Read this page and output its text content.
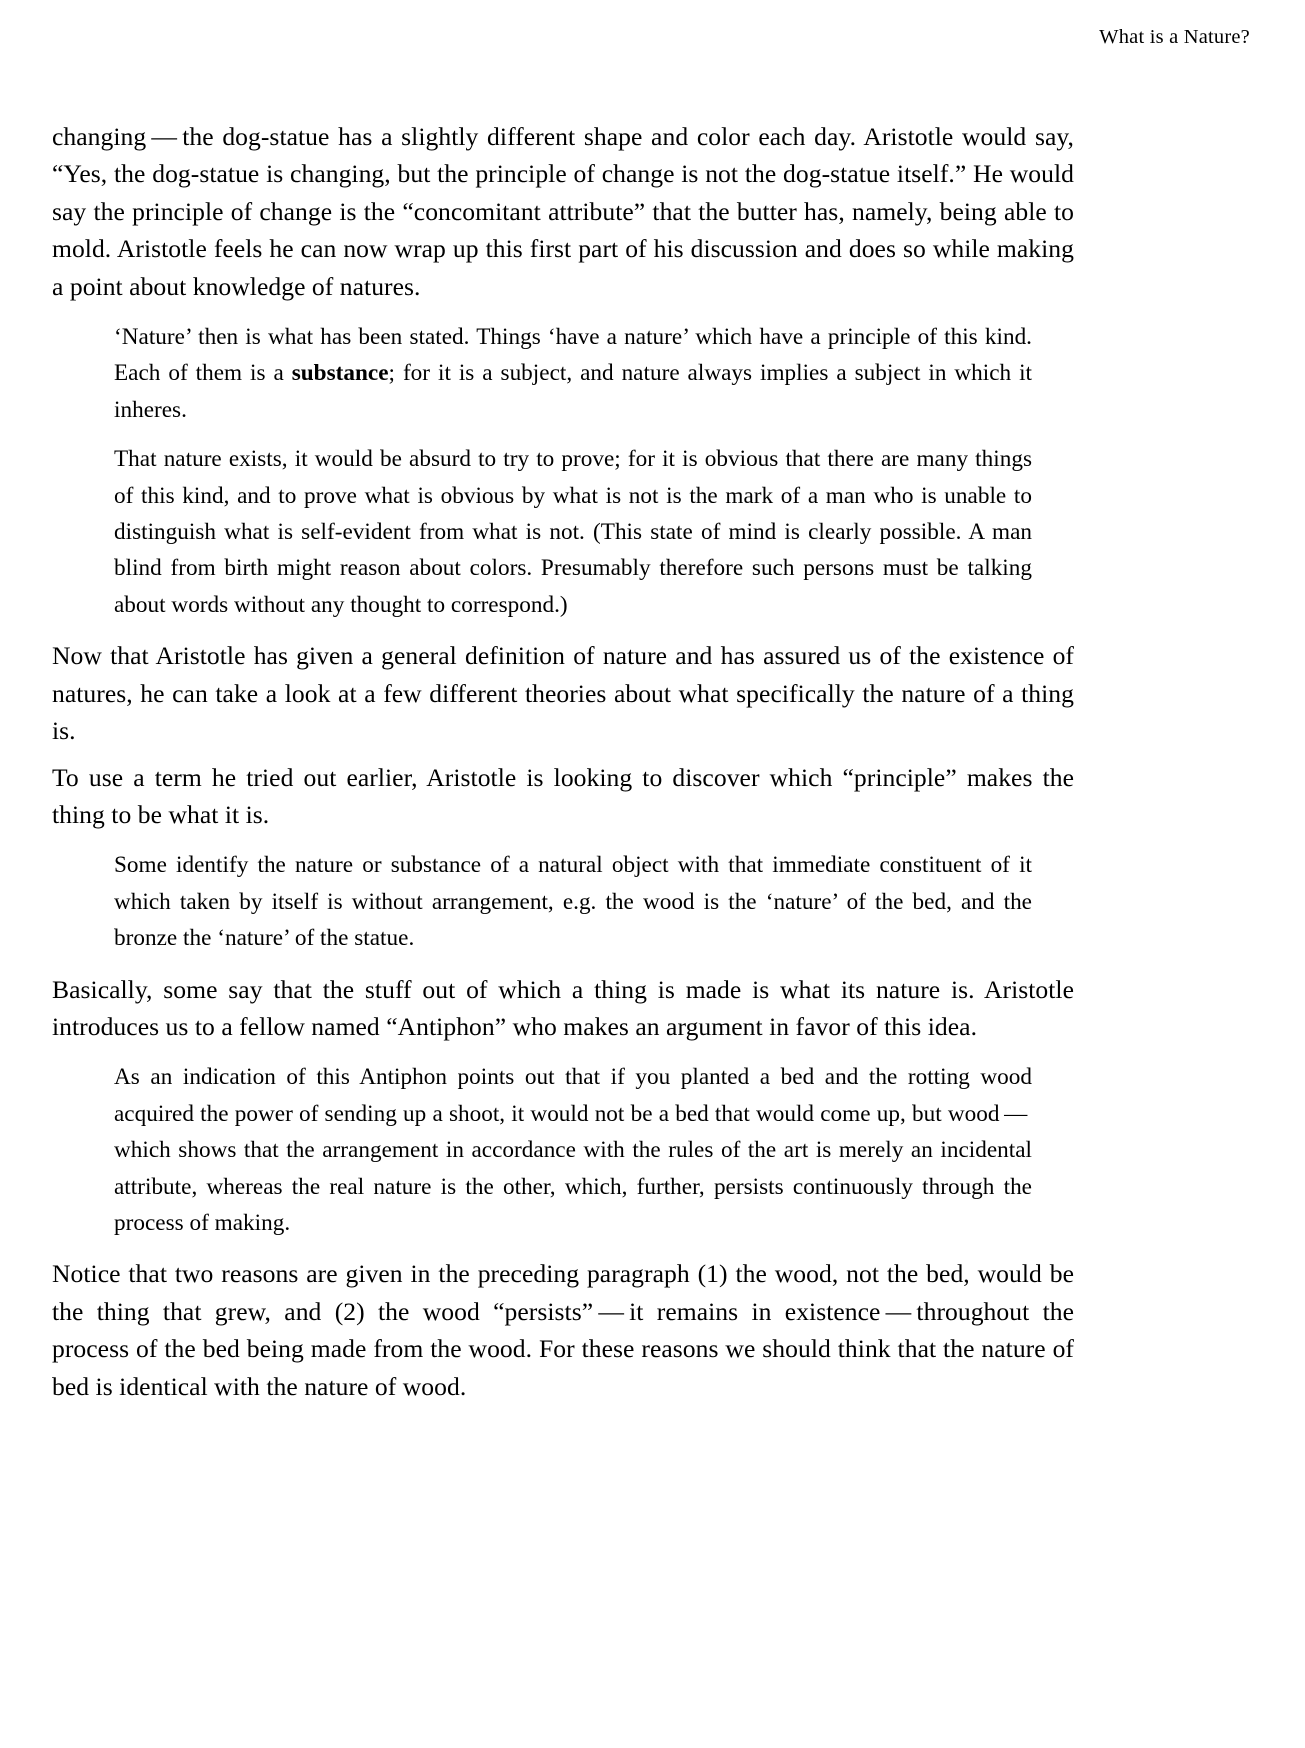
What is a Nature?

changing — the dog-statue has a slightly different shape and color each day. Aristotle would say, “Yes, the dog-statue is changing, but the principle of change is not the dog-statue itself.” He would say the principle of change is the “concomitant attribute” that the butter has, namely, being able to mold. Aristotle feels he can now wrap up this first part of his discussion and does so while making a point about knowledge of natures.

‘Nature’ then is what has been stated. Things ‘have a nature’ which have a principle of this kind. Each of them is a substance; for it is a subject, and nature always implies a subject in which it inheres.

That nature exists, it would be absurd to try to prove; for it is obvious that there are many things of this kind, and to prove what is obvious by what is not is the mark of a man who is unable to distinguish what is self-evident from what is not. (This state of mind is clearly possible. A man blind from birth might reason about colors. Presumably therefore such persons must be talking about words without any thought to correspond.)

Now that Aristotle has given a general definition of nature and has assured us of the existence of natures, he can take a look at a few different theories about what specifically the nature of a thing is.

To use a term he tried out earlier, Aristotle is looking to discover which “principle” makes the thing to be what it is.

Some identify the nature or substance of a natural object with that immediate constituent of it which taken by itself is without arrangement, e.g. the wood is the ‘nature’ of the bed, and the bronze the ‘nature’ of the statue.

Basically, some say that the stuff out of which a thing is made is what its nature is. Aristotle introduces us to a fellow named “Antiphon” who makes an argument in favor of this idea.

As an indication of this Antiphon points out that if you planted a bed and the rotting wood acquired the power of sending up a shoot, it would not be a bed that would come up, but wood — which shows that the arrangement in accordance with the rules of the art is merely an incidental attribute, whereas the real nature is the other, which, further, persists continuously through the process of making.

Notice that two reasons are given in the preceding paragraph (1) the wood, not the bed, would be the thing that grew, and (2) the wood “persists” — it remains in existence — throughout the process of the bed being made from the wood. For these reasons we should think that the nature of bed is identical with the nature of wood.
